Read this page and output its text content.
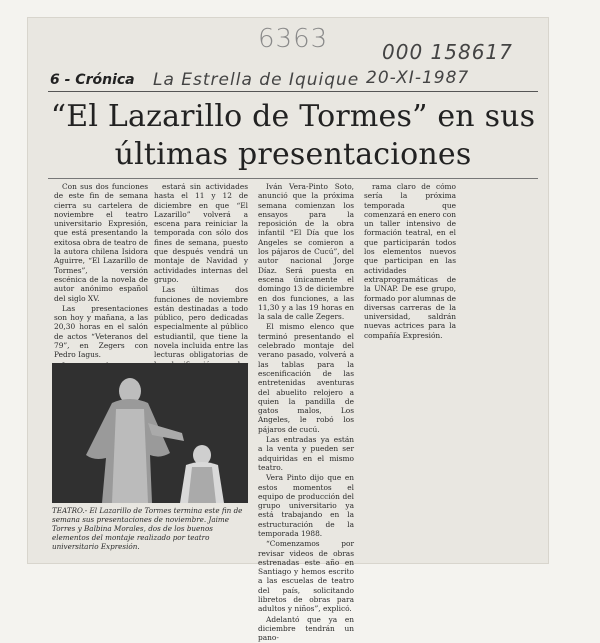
6363	000 158617
La Estrella de Iquique 20-XI-1987
6 - Crónica
“El Lazarillo de Tormes” en sus últimas presentaciones

Con sus dos funciones de este fin de semana cierra su cartelera de noviembre el teatro universitario Expresión, que está presentando la exitosa obra de teatro de la autora chilena Isidora Aguirre, “El Lazarillo de Tormes”, versión escénica de la novela de autor anónimo español del siglo XV.

Las presentaciones son hoy y mañana, a las 20,30 horas en el salón de actos “Veteranos del 79”, en Zegers con Pedro Iagus.

estará sin actividades hasta el 11 y 12 de diciembre en que “El Lazarillo” volverá a escena para reiniciar la temporada con sólo dos fines de semana, puesto que después vendrá un montaje de Navidad y actividades internas del grupo.

Las últimas dos funciones de noviembre están destinadas a todo público, pero dedicadas especialmente al público estudiantil, que tiene la novela incluida entre las lecturas obligatorias de

Iván Vera-Pinto Soto, anunció que la próxima semana comienzan los ensayos para la reposición de la obra infantil “El Día que los Angeles se comieron a los pájaros de Cucú”, del autor nacional Jorge Díaz. Será puesta en escena únicamente el domingo 13 de diciembre en dos funciones, a las 11,30 y a las 19 horas en la sala de calle Zegers.

El mismo elenco que terminó presentando el celebrado montaje del verano pasado, volverá a las tablas para la escenificación de las entretenidas aventuras del abuelito relojero a quien la pandilla de gatos malos, Los Angeles, le robó los pájaros de cucú.

Las entradas ya están a la venta y pueden ser adquiridas en el mismo teatro.

Vera Pinto dijo que en estos momentos el equipo de producción del grupo universitario ya está trabajando en la estructuración de la temporada 1988.

“Comenzamos por revisar videos de obras estrenadas este año en Santiago y hemos escrito a las escuelas de teatro del país, solicitando libretos de obras para adultos y niños”, explicó.

Adelantó que ya en diciembre tendrán un pano-

rama claro de cómo sería la próxima temporada que comenzará en enero con un taller intensivo de formación teatral, en el que participarán todos los elementos nuevos que participan en las actividades extraprogramáticas de la UNAP. De ese grupo, formado por alumnas de diversas carreras de la universidad, saldrán nuevas actrices para la compañía Expresión.

TEATRO.- El Lazarillo de Tormes termina este fin de semana sus presentaciones de noviembre. Jaime Torres y Balbina Morales, dos de los buenos elementos del montaje realizado por teatro universitario Expresión.
